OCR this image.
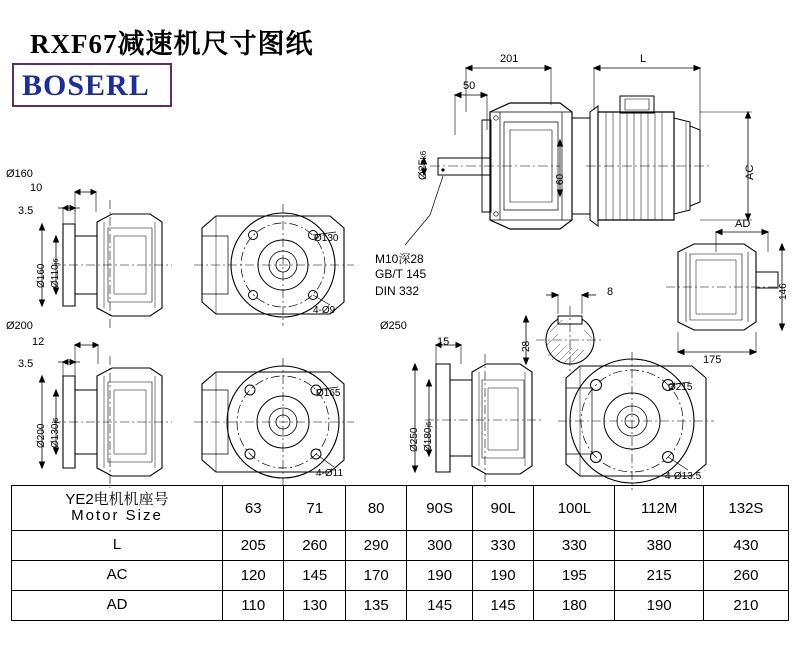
RXF67减速机尺寸图纸
BOSERL
201	L
50
Ø25k6
60	AC
M10深28
GB/T 145
DIN 332	8
28
AD
146
175
Ø160
10
3.5
Ø160 Ø110j6
Ø130
4-Ø9
Ø200
12
3.5
Ø200 Ø130j6
Ø165
4-Ø11
Ø250
15
Ø250 Ø180j6
Ø215
4-Ø13.5
YE2电机机座号
Motor Size	63	71	80	90S	90L	100L	112M	132S
L	205	260	290	300	330	330	380	430
AC	120	145	170	190	190	195	215	260
AD	110	130	135	145	145	180	190	210
